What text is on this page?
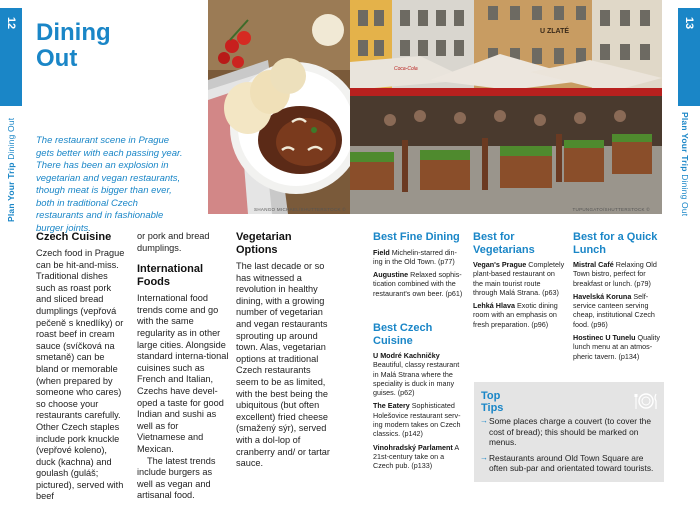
12
Plan Your Trip Dining Out
13
Plan Your Trip Dining Out
Dining
Out

The restaurant scene in Prague gets better with each passing year. There has been an explosion in vegetarian and vegan restaurants, though meat is bigger than ever, both in traditional Czech restaurants and in fashionable burger joints.

SHANGO MICHAEL/SHUTTERSTOCK ©
U ZLATÉ
Coca-Cola
TUPUNGATO/SHUTTERSTOCK ©
Czech Cuisine

Czech food in Prague can be hit-and-miss. Traditional dishes such as roast pork and sliced bread dumplings (vepřová pečeně s knedlíky) or roast beef in cream sauce (svíčková na smetaně) can be bland or memorable (when prepared by someone who cares) so choose your restaurants carefully. Other Czech staples include pork knuckle (vepřové koleno), duck (kachna) and goulash (guláš; pictured), served with beef

or pork and bread dumplings.

International Foods

International food trends come and go with the same regularity as in other large cities. Alongside standard interna-tional cuisines such as French and Italian, Czechs have devel-oped a taste for good Indian and sushi as well as for Vietnamese and Mexican.

The latest trends include burgers as well as vegan and artisanal food.

Vegetarian Options

The last decade or so has witnessed a revolution in healthy dining, with a growing number of vegetarian and vegan restaurants sprouting up around town. Alas, vegetarian options at traditional Czech restaurants seem to be as limited, with the best being the ubiquitous (but often excellent) fried cheese (smažený sýr), served with a dol-lop of cranberry and/ or tartar sauce.

Best Fine Dining
Field Michelin-starred din-ing in the Old Town. (p77)
Augustine Relaxed sophis-tication combined with the restaurant's own beer. (p61)
Best Czech Cuisine
U Modré Kachničky Beautiful, classy restaurant in Malá Strana where the speciality is duck in many guises. (p62)
The Eatery Sophisticated Holešovice restaurant serv-ing modern takes on Czech classics. (p142)
Vinohradský Parlament A 21st-century take on a Czech pub. (p133)
Best for Vegetarians
Vegan's Prague Completely plant-based restaurant on the main tourist route through Malá Strana. (p63)
Lehká Hlava Exotic dining room with an emphasis on fresh preparation. (p96)
Best for a Quick Lunch
Mistral Café Relaxing Old Town bistro, perfect for breakfast or lunch. (p79)
Havelská Koruna Self-service canteen serving cheap, institutional Czech food. (p96)
Hostinec U Tunelu Quality lunch menu at an atmos-pheric tavern. (p134)
Top
Tips
→ Some places charge a couvert (to cover the cost of bread); this should be marked on menus.
→ Restaurants around Old Town Square are often sub-par and orientated toward tourists.
